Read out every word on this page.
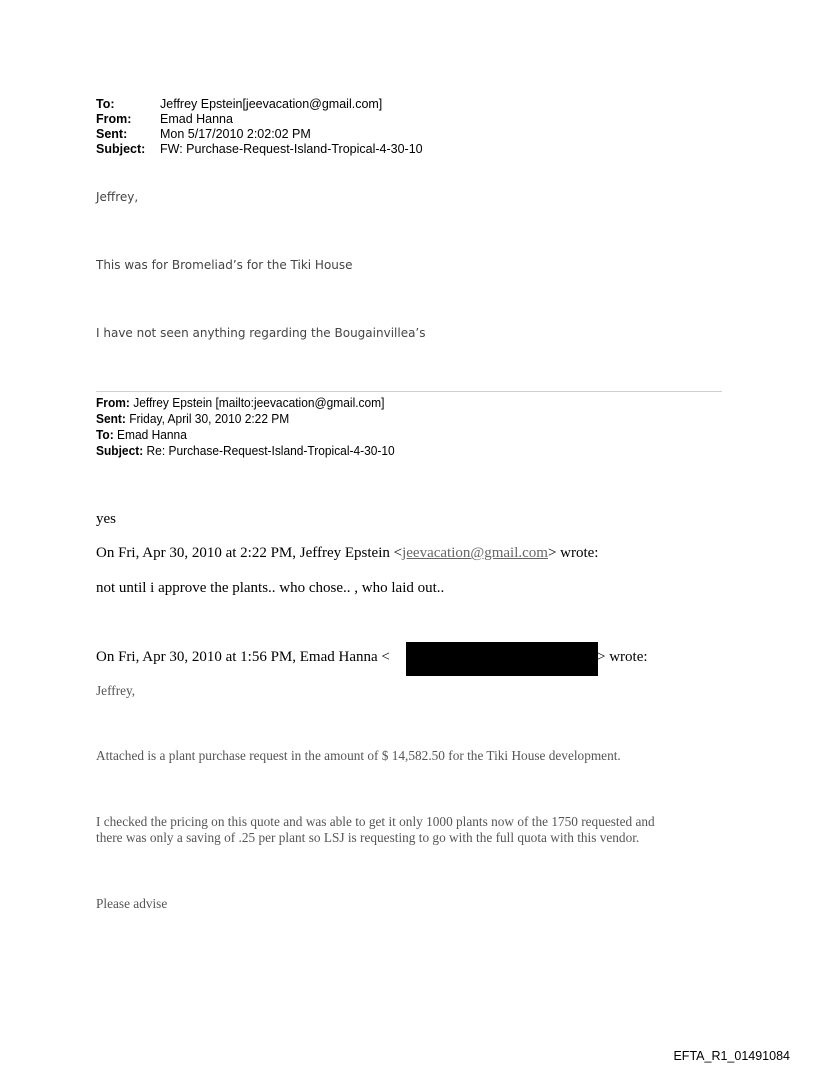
To:	Jeffrey Epstein[jeevacation@gmail.com]
From: Emad Hanna
Sent:	Mon 5/17/2010 2:02:02 PM
Subject: FW: Purchase-Request-Island-Tropical-4-30-10
Jeffrey,
This was for Bromeliad’s for the Tiki House
I have not seen anything regarding the Bougainvillea’s
From: Jeffrey Epstein [mailto:jeevacation@gmail.com]
Sent: Friday, April 30, 2010 2:22 PM
To: Emad Hanna
Subject: Re: Purchase-Request-Island-Tropical-4-30-10
yes
On Fri, Apr 30, 2010 at 2:22 PM, Jeffrey Epstein <jeevacation@gmail.com> wrote:
not until i approve the plants.. who chose.. , who laid out..
On Fri, Apr 30, 2010 at 1:56 PM, Emad Hanna <	> wrote:
Jeffrey,
Attached is a plant purchase request in the amount of $ 14,582.50 for the Tiki House development.
I checked the pricing on this quote and was able to get it only 1000 plants now of the 1750 requested and
there was only a saving of .25 per plant so LSJ is requesting to go with the full quota with this vendor.
Please advise
EFTA_R1_01491084
